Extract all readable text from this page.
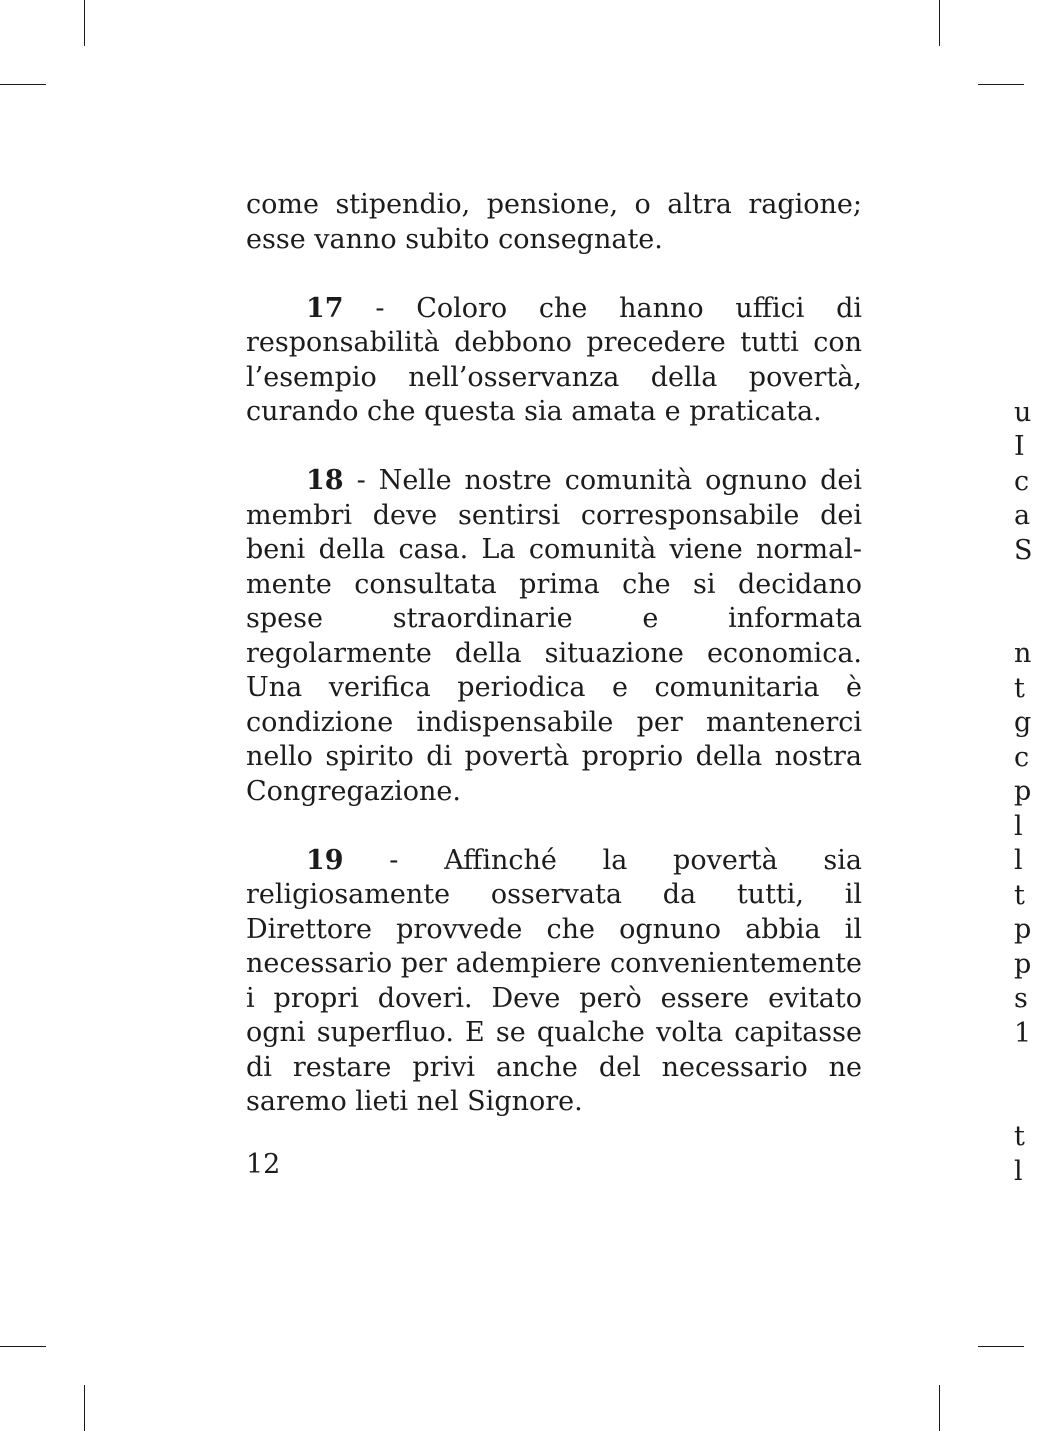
come stipendio, pensione, o altra ragione; esse vanno subito consegnate.

17 - Coloro che hanno uffici di responsabilità debbono precedere tutti con l’esempio nell’osservanza della povertà, curando che questa sia amata e praticata.

18 - Nelle nostre comunità ognuno dei membri deve sentirsi corresponsabile dei beni della casa. La comunità viene normalmente consultata prima che si decidano spese straordinarie e informata regolarmente della situazione economica. Una verifica periodica e comunitaria è condizione indispensabile per mantenerci nello spirito di povertà proprio della nostra Congregazione.

19 - Affinché la povertà sia religiosamente osservata da tutti, il Direttore provvede che ognuno abbia il necessario per adempiere convenientemente i propri doveri. Deve però essere evitato ogni superfluo. E se qualche volta capitasse di restare privi anche del necessario ne saremo lieti nel Signore.

12
u
I
c
a
S
n
t
g
c
p
l
l
t
p
p
s
1
t
l
